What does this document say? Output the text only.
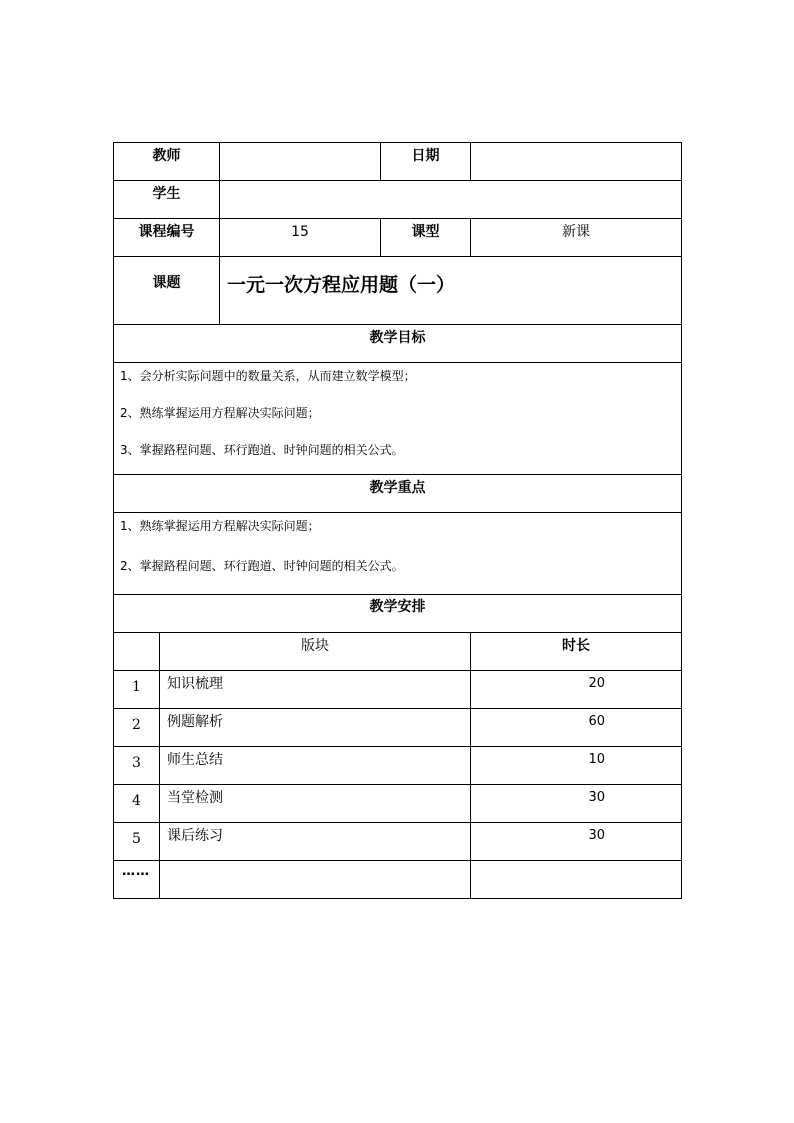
教师			日期	
学生				
课程编号		15	课型	新课
课题		一元一次方程应用题（一）		
教学目标				

1、会分析实际问题中的数量关系，从而建立数学模型；

2、熟练掌握运用方程解决实际问题；

3、掌握路程问题、环行跑道、时钟问题的相关公式。				

教学重点				

1、熟练掌握运用方程解决实际问题；

2、掌握路程问题、环行跑道、时钟问题的相关公式。				

教学安排				
	版块			时长
1	知识梳理			20
2	例题解析			60
3	师生总结			10
4	当堂检测			30
5	课后练习			30
……				
